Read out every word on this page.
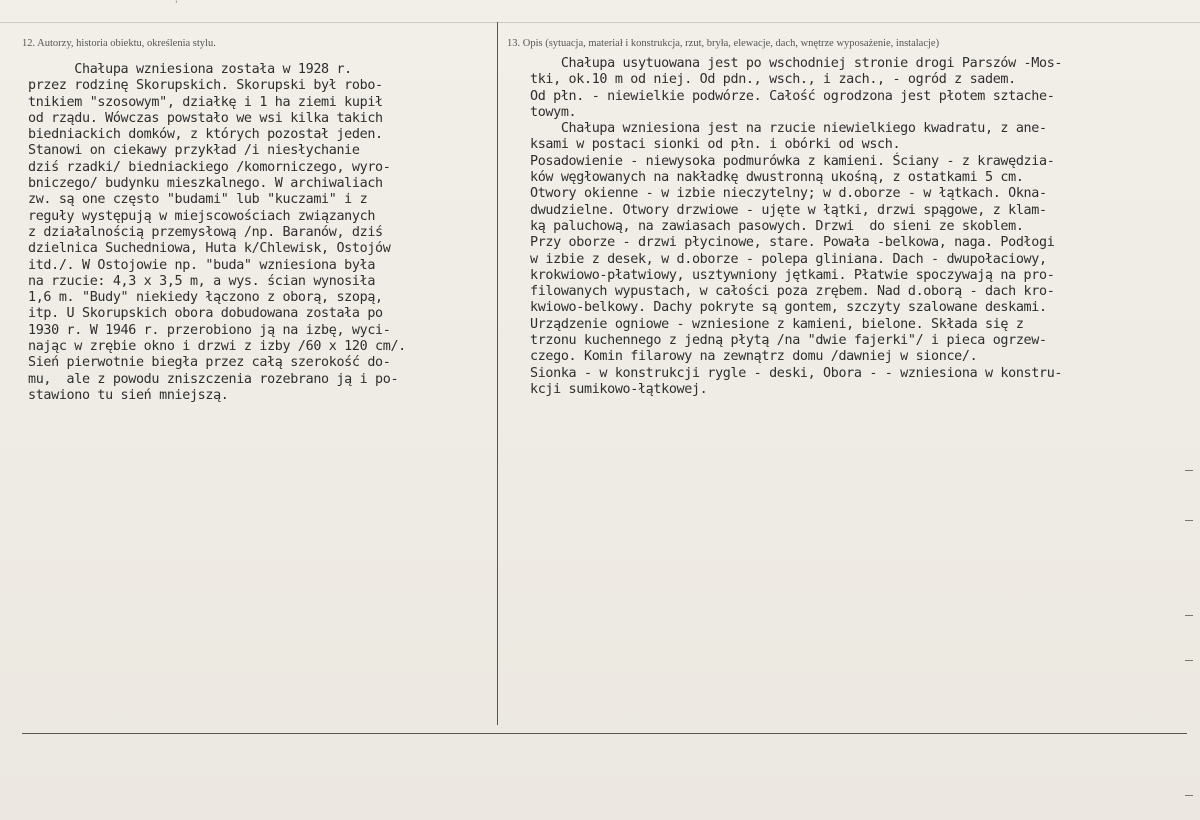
'
12. Autorzy, historia obiektu, określenia stylu.	13. Opis (sytuacja, materiał i konstrukcja, rzut, bryła, elewacje, dach, wnętrze wyposażenie, instalacje)
Chałupa wzniesiona została w 1928 r.
przez rodzinę Skorupskich. Skorupski był robo-
tnikiem "szosowym", działkę i 1 ha ziemi kupił
od rządu. Wówczas powstało we wsi kilka takich
biedniackich domków, z których pozostał jeden.
Stanowi on ciekawy przykład /i niesłychanie
dziś rzadki/ biedniackiego /komorniczego, wyro-
bniczego/ budynku mieszkalnego. W archiwaliach
zw. są one często "budami" lub "kuczami" i z
reguły występują w miejscowościach związanych
z działalnością przemysłową /np. Baranów, dziś
dzielnica Suchedniowa, Huta k/Chlewisk, Ostojów
itd./. W Ostojowie np. "buda" wzniesiona była
na rzucie: 4,3 x 3,5 m, a wys. ścian wynosiła
1,6 m. "Budy" niekiedy łączono z oborą, szopą,
itp. U Skorupskich obora dobudowana została po
1930 r. W 1946 r. przerobiono ją na izbę, wyci-
nając w zrębie okno i drzwi z izby /60 x 120 cm/.
Sień pierwotnie biegła przez całą szerokość do-
mu,  ale z powodu zniszczenia rozebrano ją i po-
stawiono tu sień mniejszą.
Chałupa usytuowana jest po wschodniej stronie drogi Parszów -Mos-
tki, ok.10 m od niej. Od pdn., wsch., i zach., - ogród z sadem.
Od płn. - niewielkie podwórze. Całość ogrodzona jest płotem sztache-
towym.
Chałupa wzniesiona jest na rzucie niewielkiego kwadratu, z ane-
ksami w postaci sionki od płn. i obórki od wsch.
Posadowienie - niewysoka podmurówka z kamieni. Ściany - z krawędzia-
ków węgłowanych na nakładkę dwustronną ukośną, z ostatkami 5 cm.
Otwory okienne - w izbie nieczytelny; w d.oborze - w łątkach. Okna-
dwudzielne. Otwory drzwiowe - ujęte w łątki, drzwi spągowe, z klam-
ką paluchową, na zawiasach pasowych. Drzwi  do sieni ze skoblem.
Przy oborze - drzwi płycinowe, stare. Powała -belkowa, naga. Podłogi
w izbie z desek, w d.oborze - polepa gliniana. Dach - dwupołaciowy,
krokwiowo-płatwiowy, usztywniony jętkami. Płatwie spoczywają na pro-
filowanych wypustach, w całości poza zrębem. Nad d.oborą - dach kro-
kwiowo-belkowy. Dachy pokryte są gontem, szczyty szalowane deskami.
Urządzenie ogniowe - wzniesione z kamieni, bielone. Składa się z
trzonu kuchennego z jedną płytą /na "dwie fajerki"/ i pieca ogrzew-
czego. Komin filarowy na zewnątrz domu /dawniej w sionce/.
Sionka - w konstrukcji rygle - deski, Obora - - wzniesiona w konstru-
kcji sumikowo-łątkowej.
